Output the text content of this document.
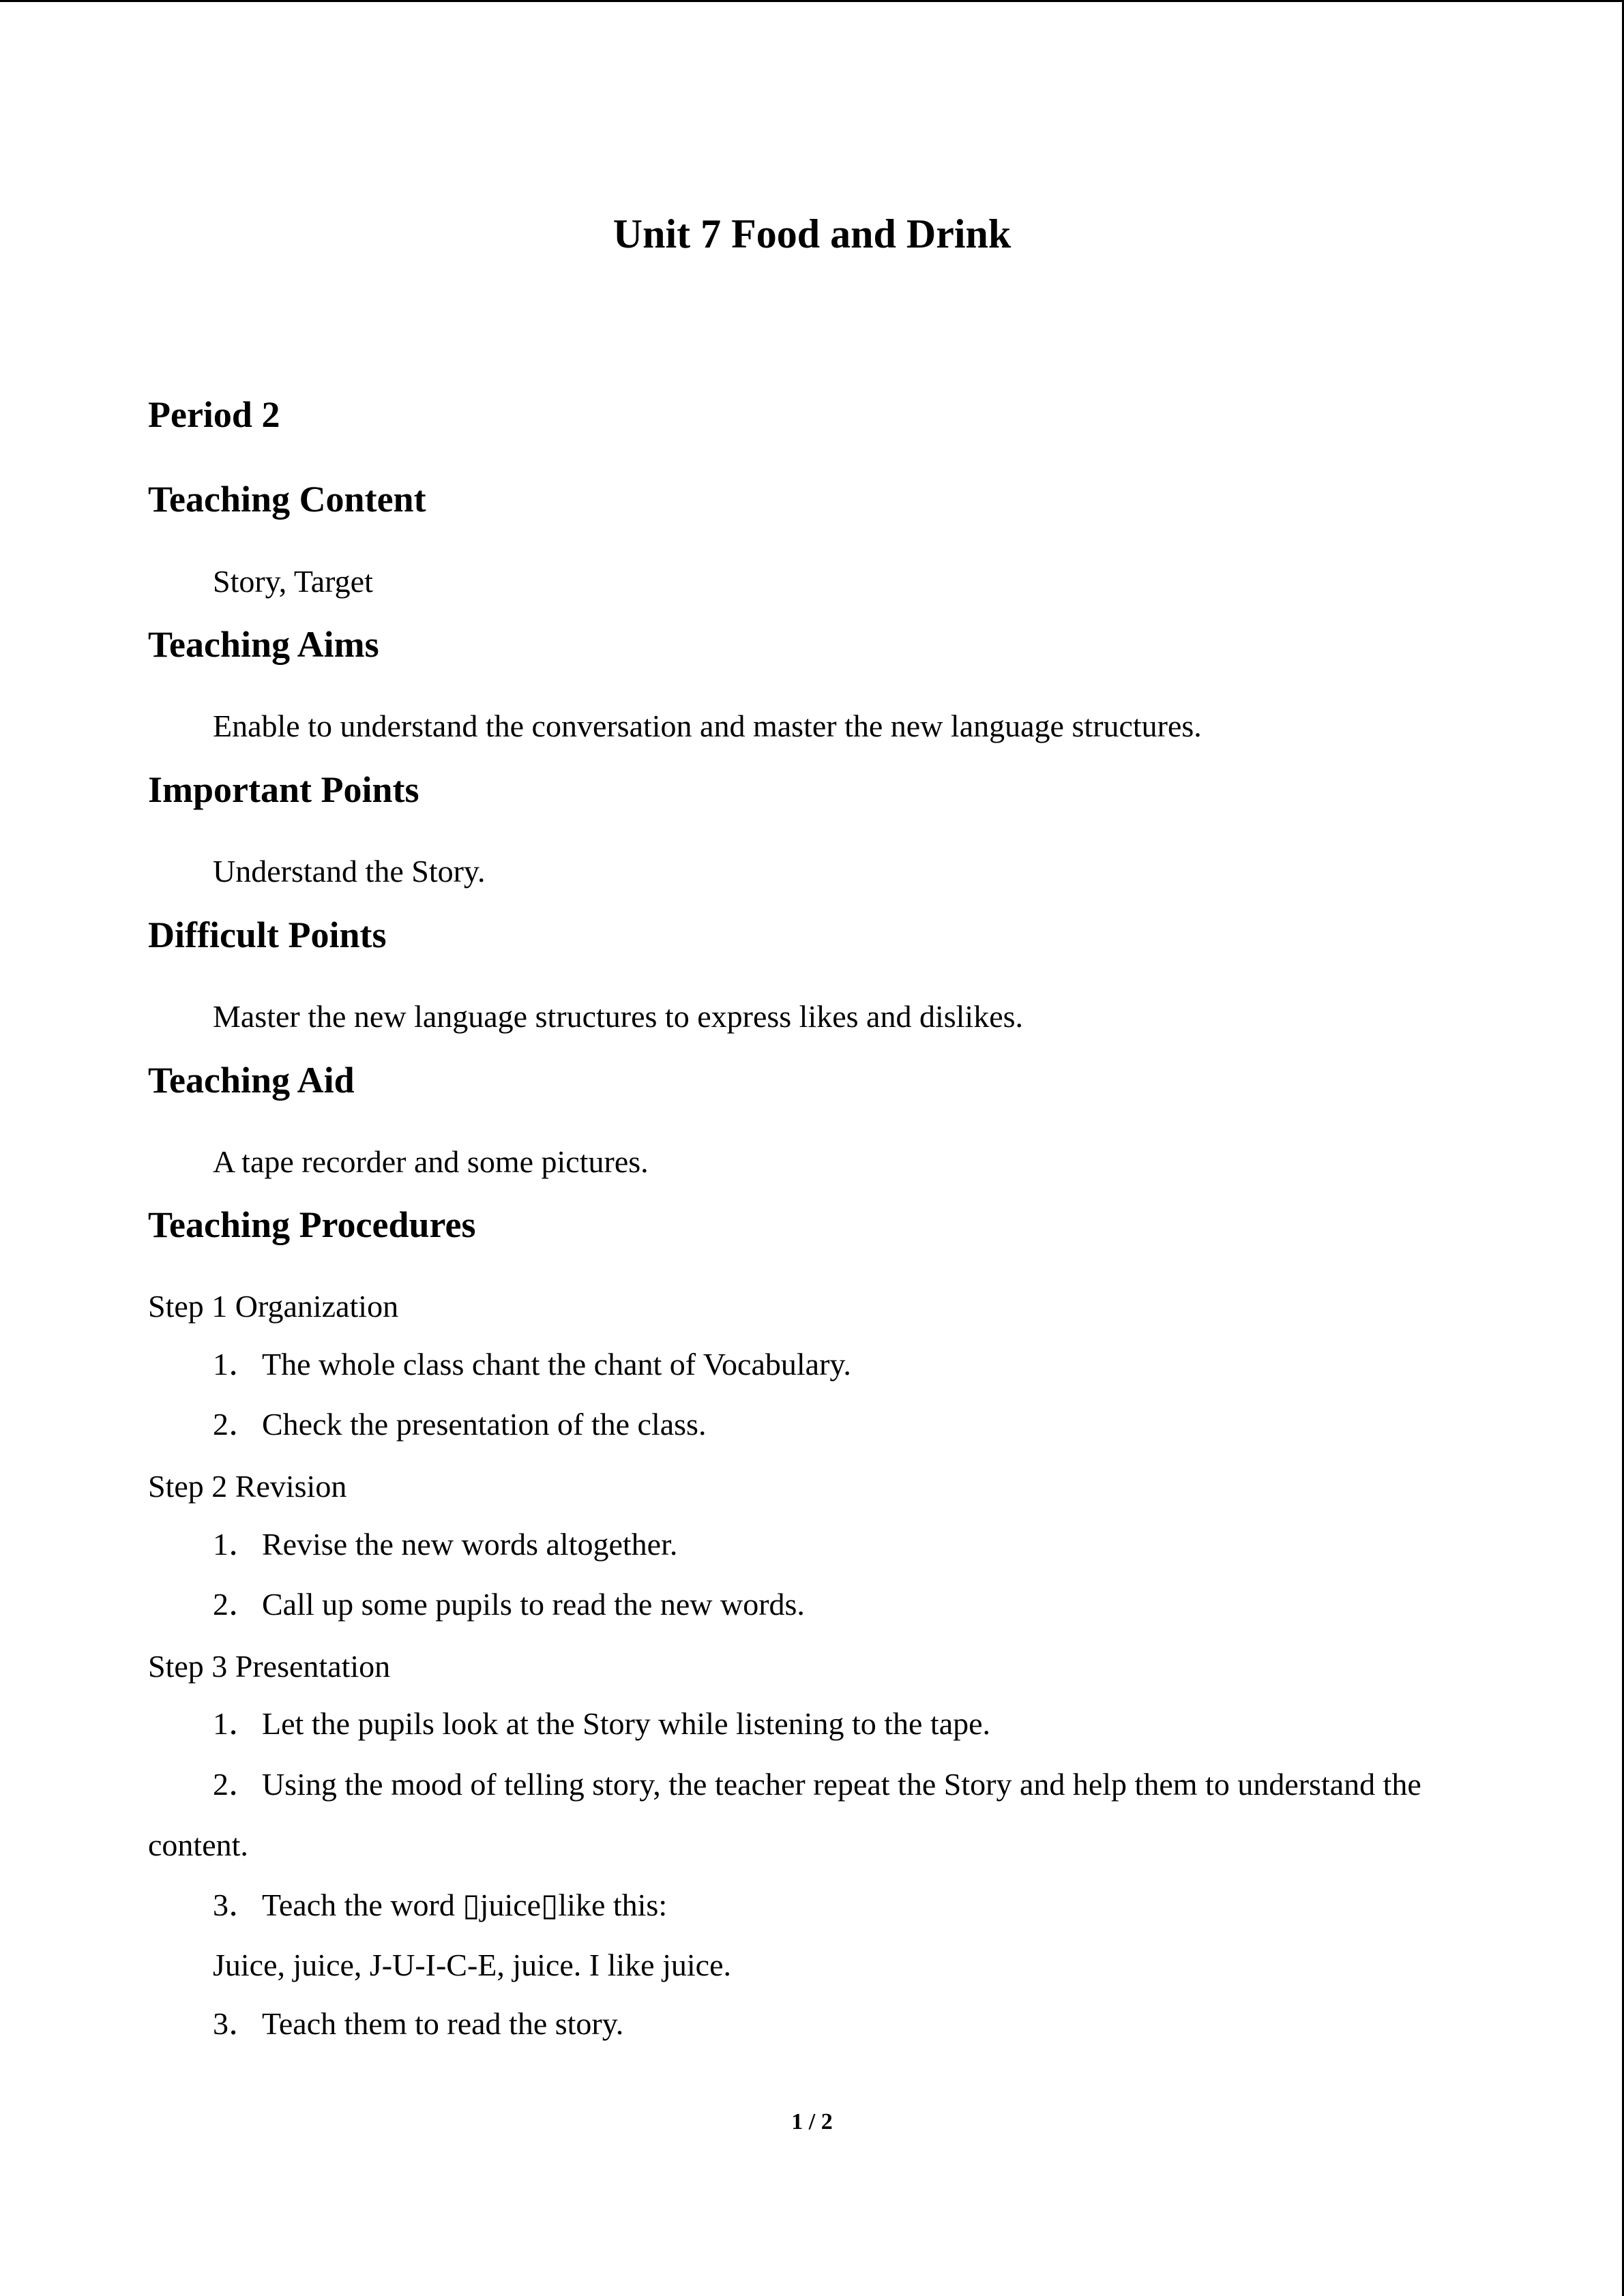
Unit 7 Food and Drink
Period 2
Teaching Content
Story, Target
Teaching Aims
Enable to understand the conversation and master the new language structures.
Important Points
Understand the Story.
Difficult Points
Master the new language structures to express likes and dislikes.
Teaching Aid
A tape recorder and some pictures.
Teaching Procedures
Step 1 Organization
1．The whole class chant the chant of Vocabulary.
2．Check the presentation of the class.
Step 2 Revision
1．Revise the new words altogether.
2．Call up some pupils to read the new words.
Step 3 Presentation
1．Let the pupils look at the Story while listening to the tape.
2．Using the mood of telling story, the teacher repeat the Story and help them to understand the
content.
3．Teach the word ▯juice▯like this:
Juice, juice, J-U-I-C-E, juice. I like juice.
3．Teach them to read the story.
1 / 2
